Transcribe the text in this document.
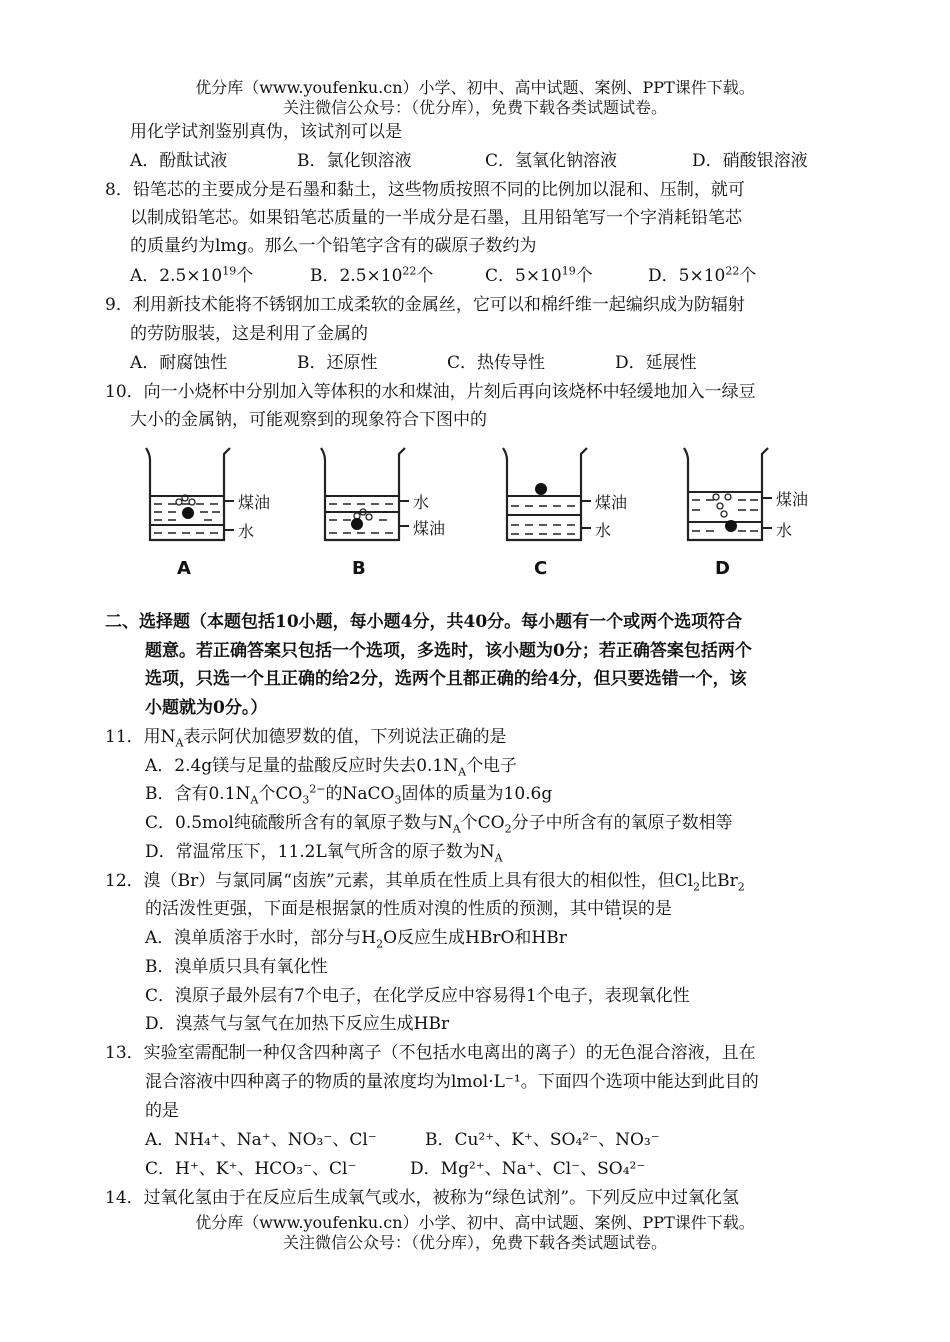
优分库（www.youfenku.cn）小学、初中、高中试题、案例、PPT课件下载。
关注微信公众号：（优分库），免费下载各类试题试卷。
用化学试剂鉴别真伪，该试剂可以是
A．酚酞试液	B．氯化钡溶液	C．氢氧化钠溶液	D．硝酸银溶液
8．铅笔芯的主要成分是石墨和黏土，这些物质按照不同的比例加以混和、压制，就可
以制成铅笔芯。如果铅笔芯质量的一半成分是石墨，且用铅笔写一个字消耗铅笔芯
的质量约为lmg。那么一个铅笔字含有的碳原子数约为
A．$2.5\times 10^{19}$个	B．$2.5\times 10^{22}$个	C．$5\times 10^{19}$个	D．$5\times 10^{22}$个
9．利用新技术能将不锈钢加工成柔软的金属丝，它可以和棉纤维一起编织成为防辐射
的劳防服装，这是利用了金属的
A．耐腐蚀性	B．还原性	C．热传导性	D．延展性
10．向一小烧杯中分别加入等体积的水和煤油，片刻后再向该烧杯中轻缓地加入一绿豆
大小的金属钠，可能观察到的现象符合下图中的
煤油
水
A
水
煤油
B
煤油
水
C
煤油
水
D
二、选择题（本题包括10小题，每小题4分，共40分。每小题有一个或两个选项符合
题意。若正确答案只包括一个选项，多选时，该小题为0分；若正确答案包括两个
选项，只选一个且正确的给2分，选两个且都正确的给4分，但只要选错一个，该
小题就为0分。）
11．用$N_A$表示阿伏加德罗数的值，下列说法正确的是
A．2.4g镁与足量的盐酸反应时失去$0.1N_A$个电子
B．含有$0.1N_A$个$CO_3^{2-}$的NaCO$_3$固体的质量为10.6g
C．0.5mol纯硫酸所含有的氧原子数与$N_A$个$CO_2$分子中所含有的氧原子数相等
D．常温常压下，11.2L氧气所含的原子数为$N_A$
12．溴（Br）与氯同属“卤族”元素，其单质在性质上具有很大的相似性，但$Cl_2$比$Br_2$
的活泼性更强，下面是根据氯的性质对溴的性质的预测，其中错误的是
A．溴单质溶于水时，部分与$H_2O$反应生成HBrO和HBr
B．溴单质只具有氧化性
C．溴原子最外层有7个电子，在化学反应中容易得1个电子，表现氧化性
D．溴蒸气与氢气在加热下反应生成HBr
13．实验室需配制一种仅含四种离子（不包括水电离出的离子）的无色混合溶液，且在
混合溶液中四种离子的物质的量浓度均为lmol·L⁻¹。下面四个选项中能达到此目的
的是
A．NH₄⁺、Na⁺、NO₃⁻、Cl⁻	B．Cu²⁺、K⁺、SO₄²⁻、NO₃⁻
C．H⁺、K⁺、HCO₃⁻、Cl⁻	D．Mg²⁺、Na⁺、Cl⁻、SO₄²⁻
14．过氧化氢由于在反应后生成氧气或水，被称为“绿色试剂”。下列反应中过氧化氢
优分库（www.youfenku.cn）小学、初中、高中试题、案例、PPT课件下载。
关注微信公众号：（优分库），免费下载各类试题试卷。
